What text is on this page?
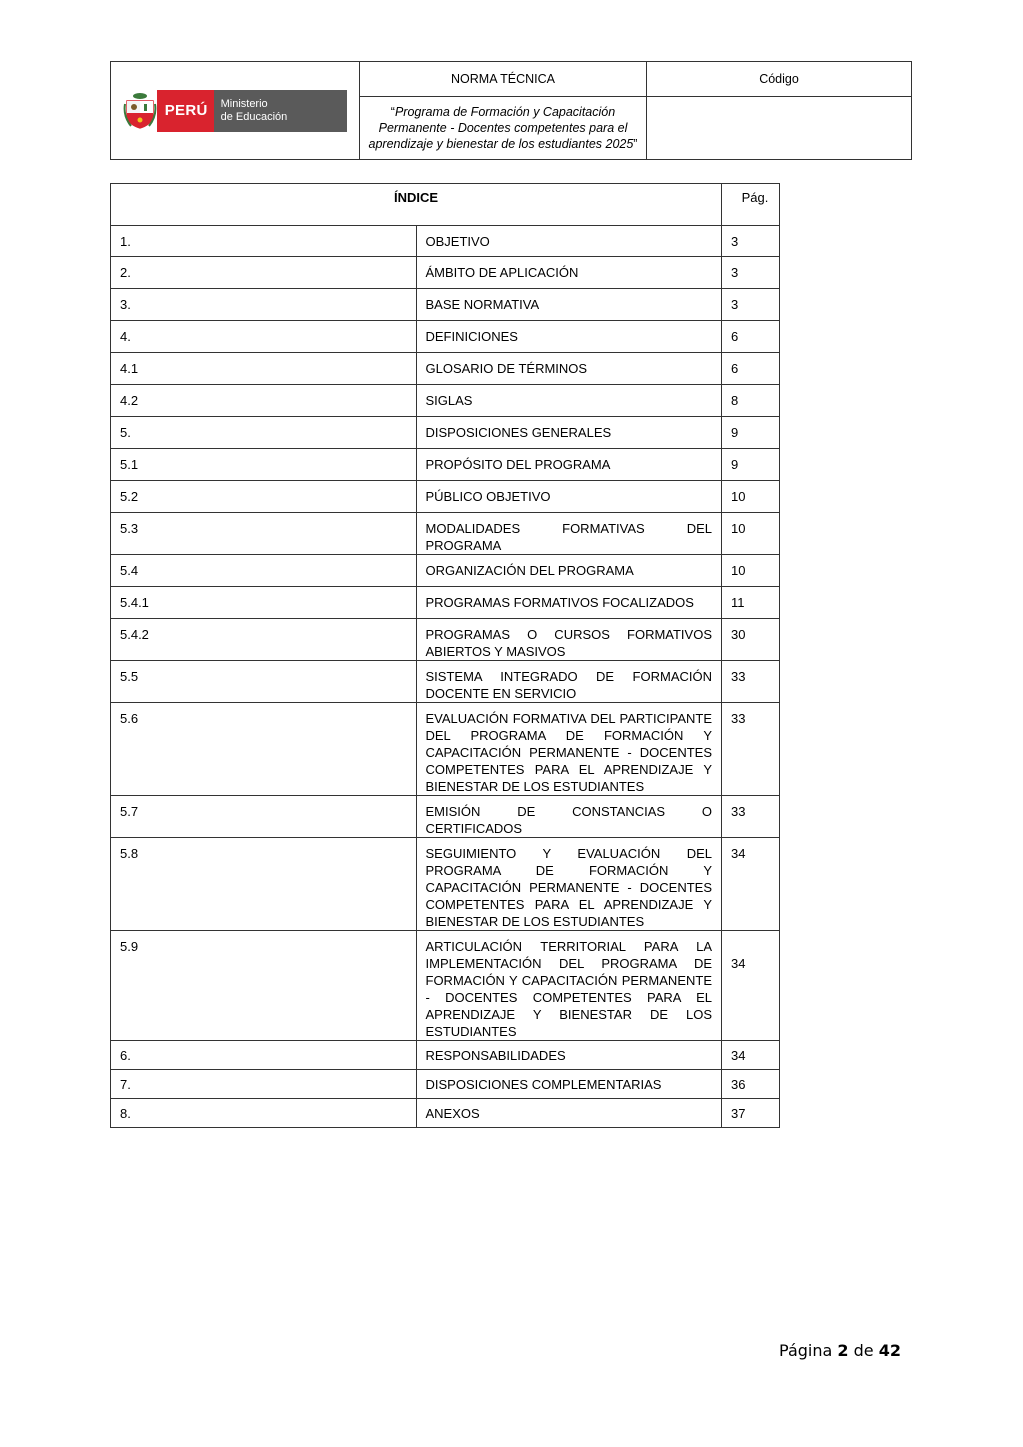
PERÚ Ministerio
de Educación	NORMA TÉCNICA	Código
	“Programa de Formación y Capacitación Permanente - Docentes competentes para el aprendizaje y bienestar de los estudiantes 2025”	
ÍNDICE		Pág.
1.	OBJETIVO	3
2.	ÁMBITO DE APLICACIÓN	3
3.	BASE NORMATIVA	3
4.	DEFINICIONES	6
4.1	GLOSARIO DE TÉRMINOS	6
4.2	SIGLAS	8
5.	DISPOSICIONES GENERALES	9
5.1	PROPÓSITO DEL PROGRAMA	9
5.2	PÚBLICO OBJETIVO	10
5.3	MODALIDADES FORMATIVAS DEL PROGRAMA	10
5.4	ORGANIZACIÓN DEL PROGRAMA	10
5.4.1	PROGRAMAS FORMATIVOS FOCALIZADOS	11
5.4.2	PROGRAMAS O CURSOS FORMATIVOS ABIERTOS Y MASIVOS	30
5.5	SISTEMA INTEGRADO DE FORMACIÓN DOCENTE EN SERVICIO	33
5.6	EVALUACIÓN FORMATIVA DEL PARTICIPANTE DEL PROGRAMA DE FORMACIÓN Y CAPACITACIÓN PERMANENTE - DOCENTES COMPETENTES PARA EL APRENDIZAJE Y BIENESTAR DE LOS ESTUDIANTES	33
5.7	EMISIÓN DE CONSTANCIAS O CERTIFICADOS	33
5.8	SEGUIMIENTO Y EVALUACIÓN DEL PROGRAMA DE FORMACIÓN Y CAPACITACIÓN PERMANENTE - DOCENTES COMPETENTES PARA EL APRENDIZAJE Y BIENESTAR DE LOS ESTUDIANTES	34
5.9	ARTICULACIÓN TERRITORIAL PARA LA IMPLEMENTACIÓN DEL PROGRAMA DE FORMACIÓN Y CAPACITACIÓN PERMANENTE - DOCENTES COMPETENTES PARA EL APRENDIZAJE Y BIENESTAR DE LOS ESTUDIANTES	34
6.	RESPONSABILIDADES	34
7.	DISPOSICIONES COMPLEMENTARIAS	36
8.	ANEXOS	37
Página 2 de 42
